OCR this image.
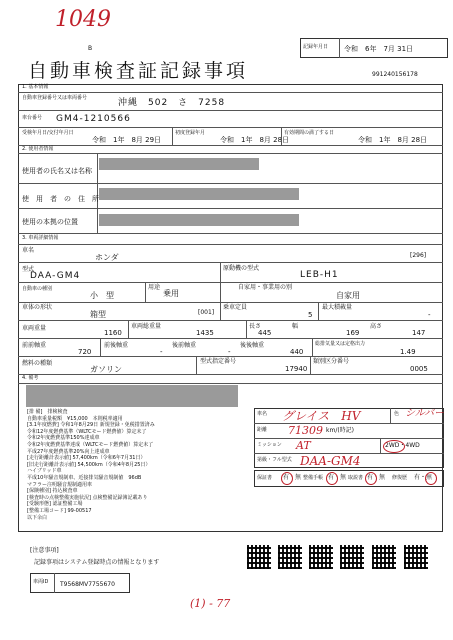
1049
B	記録年月日 令和　6年　7月 31日
自動車検査証記録事項	991240156178
1. 基本情報
自動車登録番号又は車両番号	沖縄　502　さ　7258
車台番号 GM4-1210566
受検年月日/交付年月日
令和　1年　8月 29日
初度登録年月
令和　1年　8月 28日
有効期間の満了する日
令和　1年　8月 28日
2. 使用者情報
使用者の氏名又は名称
使　用　者　の　住　所
使用の本拠の位置
3. 車両詳細情報
車名
ホンダ	[296]
型式
DAA-GM4
原動機の型式
LEB-H1
自動車の種別
小　型
用途
乗用
自家用・事業用の別
自家用
車体の形状
箱型	[001]
乗車定員
5
最大積載量
-
車両重量
1160
車両総重量
1435
長さ
445
幅
169
高さ
147
前前軸重
720
前後軸重
-
後前軸重
-
後後軸重
440
総排気量又は定格出力
1.49
燃料の種類
ガソリン
型式指定番号
17940
類別区分番号
0005
4. 備考
[排 備]　排検検査
自動車重量税額　¥15,000　本則税率適用
[3.1年度燃費] 令和1年8月29日 新規登録・免税措置済み
令和12年度燃費基準（WLTCモード燃費値）算定未了
令和2年度燃費基準150%達成車
令和2年度燃費基準達成（WLTCモード燃費値）算定未了
平成27年度燃費基準20%向上達成車
[走行距離計表示値] 57,400km（令和6年7月31日）
[旧走行距離計表示値] 54,500km（令和4年8月25日）
ハイブリッド車
平成10年騒音規制車、近接排気騒音規制値　96dB
マフラー注明騒音規制適用車
[保険種別] 持込検査車
[検査時の点検整備実施状況] 点検整備記録簿記載あり
[受験形態] 認証整備工場
[整備工場コード] 99-00517
以下余白
車名 グレイス　HV	色 シルバー
距離 71309 km/(時記)
ミッション AT	2WD・4WD
第級・フル型式 DAA-GM4
保証書 有・無 整備手帳 有・無 取説書 有・無 修復歴 有・無
[注意事項]
記録事項はシステム登録時点の情報となります
車両ID T9568MV7755670
(1) - 77
